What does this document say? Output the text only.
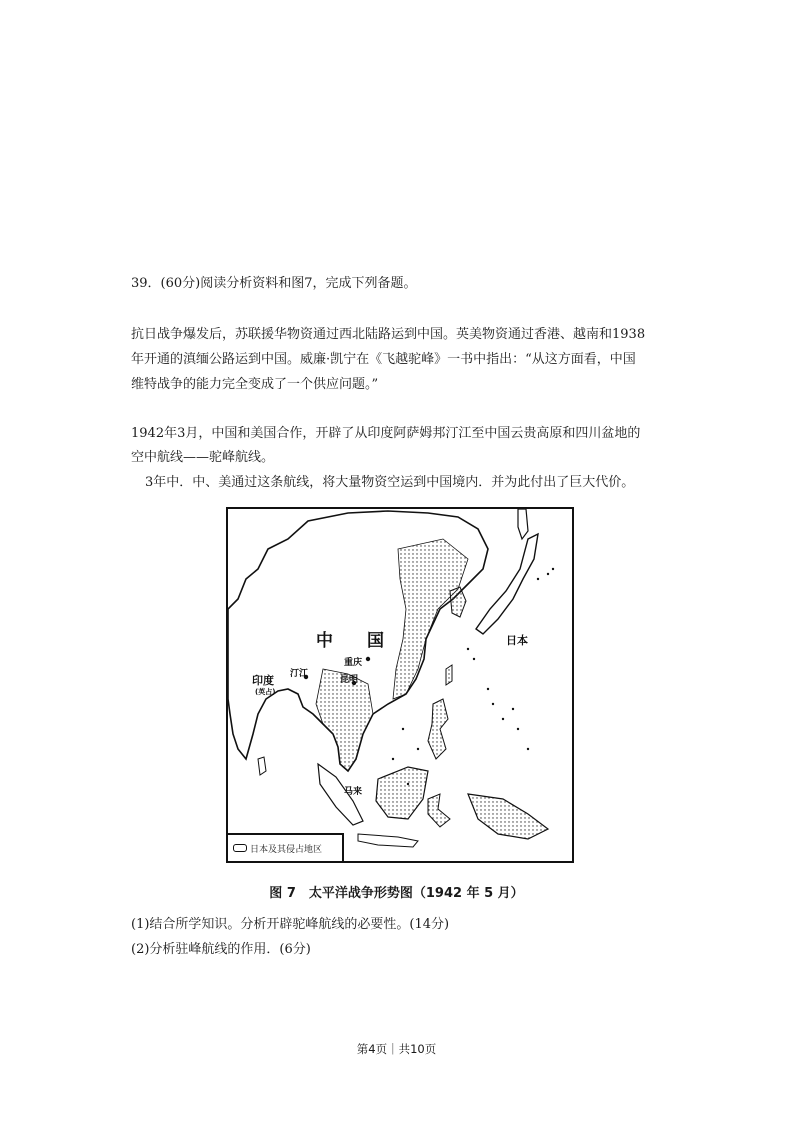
39．(60分)阅读分析资料和图7，完成下列备题。
抗日战争爆发后，苏联援华物资通过西北陆路运到中国。英美物资通过香港、越南和1938
年开通的滇缅公路运到中国。威廉·凯宁在《飞越驼峰》一书中指出：“从这方面看，中国
维特战争的能力完全变成了一个供应问题。”
1942年3月，中国和美国合作，开辟了从印度阿萨姆邦汀江至中国云贵高原和四川盆地的
空中航线——驼峰航线。
3年中．中、美通过这条航线，将大量物资空运到中国境内．并为此付出了巨大代价。
中　　国	日本
重庆
昆明
汀江
印度
(英占)
马来
日本及其侵占地区
图 7　太平洋战争形势图（1942 年 5 月）
(1)结合所学知识。分析开辟驼峰航线的必要性。(14分)
(2)分析驻峰航线的作用．(6分)
第4页｜共10页
